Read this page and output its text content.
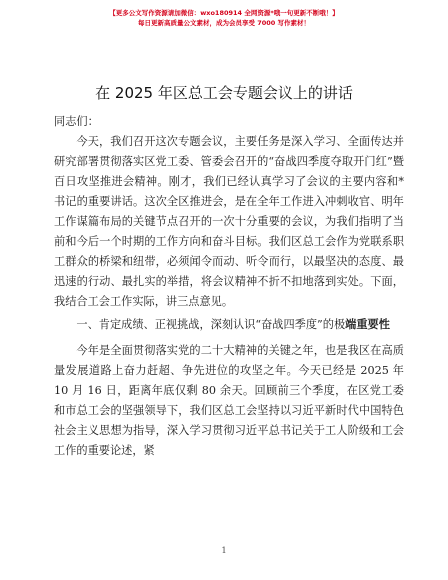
【更多公文写作资源请加微信：wxo180914 全网资源*哦一句更新不断哦！】
每日更新高质量公文素材，成为会员享受 7000 写作素材！
在 2025 年区总工会专题会议上的讲话

同志们：

今天，我们召开这次专题会议，主要任务是深入学习、全面传达并研究部署贯彻落实区党工委、管委会召开的“奋战四季度夺取开门红”暨百日攻坚推进会精神。刚才，我们已经认真学习了会议的主要内容和*书记的重要讲话。这次全区推进会，是在全年工作进入冲刺收官、明年工作谋篇布局的关键节点召开的一次十分重要的会议，为我们指明了当前和今后一个时期的工作方向和奋斗目标。我们区总工会作为党联系职工群众的桥梁和纽带，必须闻令而动、听令而行，以最坚决的态度、最迅速的行动、最扎实的举措，将会议精神不折不扣地落到实处。下面，我结合工会工作实际，讲三点意见。

一、肯定成绩、正视挑战，深刻认识“奋战四季度”的极端重要性

今年是全面贯彻落实党的二十大精神的关键之年，也是我区在高质量发展道路上奋力赶超、争先进位的攻坚之年。今天已经是 2025 年 10 月 16 日，距离年底仅剩 80 余天。回顾前三个季度，在区党工委和市总工会的坚强领导下，我们区总工会坚持以习近平新时代中国特色社会主义思想为指导，深入学习贯彻习近平总书记关于工人阶级和工会工作的重要论述，紧

1
